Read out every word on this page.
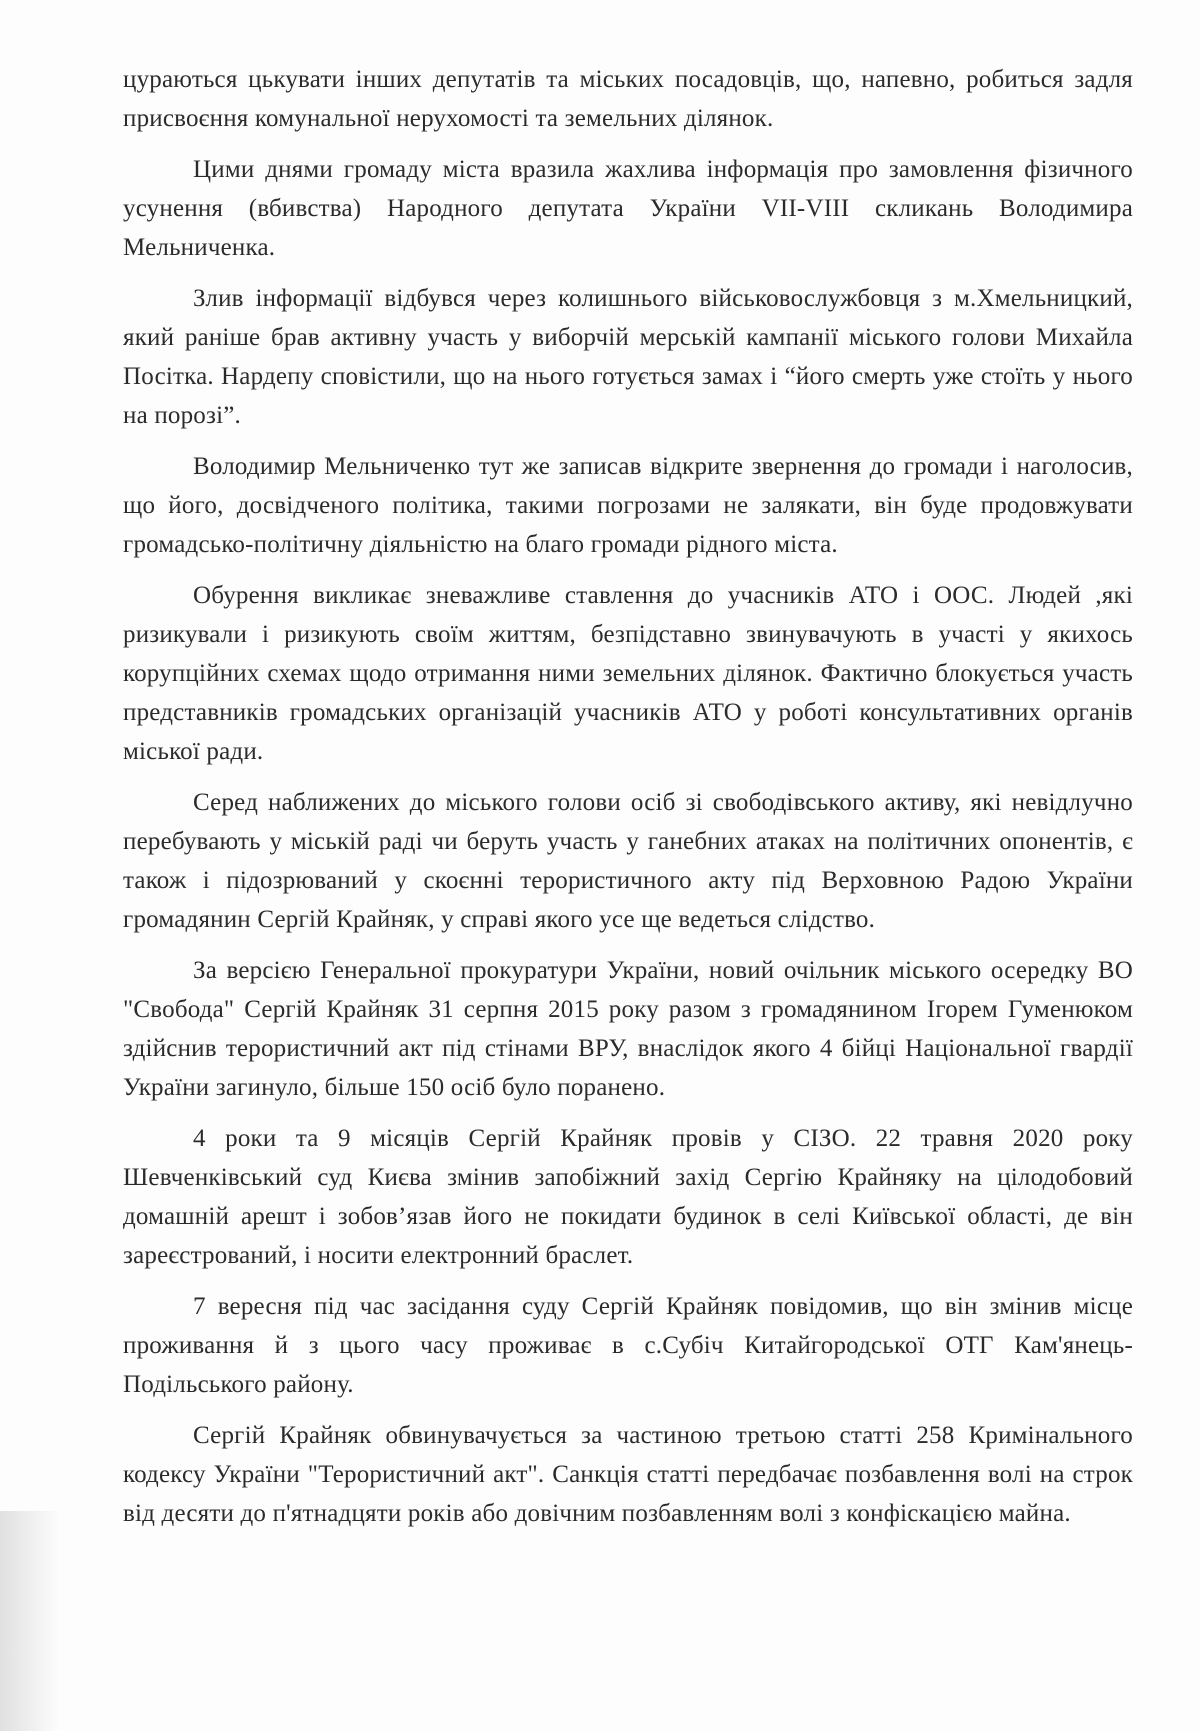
цураються цькувати інших депутатів та міських посадовців, що, напевно, робиться задля присвоєння комунальної нерухомості та земельних ділянок.

Цими днями громаду міста вразила жахлива інформація про замовлення фізичного усунення (вбивства) Народного депутата України VII-VIII скликань Володимира Мельниченка.

Злив інформації відбувся через колишнього військовослужбовця з м.Хмельницкий, який раніше брав активну участь у виборчій мерській кампанії міського голови Михайла Посітка. Нардепу сповістили, що на нього готується замах і “його смерть уже стоїть у нього на порозі”.

Володимир Мельниченко тут же записав відкрите звернення до громади і наголосив, що його, досвідченого політика, такими погрозами не залякати, він буде продовжувати громадсько-політичну діяльністю на благо громади рідного міста.

Обурення викликає зневажливе ставлення до учасників АТО і ООС. Людей ,які ризикували і ризикують своїм життям, безпідставно звинувачують в участі у якихось корупційних схемах щодо отримання ними земельних ділянок. Фактично блокується участь представників громадських організацій учасників АТО у роботі консультативних органів міської ради.

Серед наближених до міського голови осіб зі свободівського активу, які невідлучно перебувають у міській раді чи беруть участь у ганебних атаках на політичних опонентів, є також і підозрюваний у скоєнні терористичного акту під Верховною Радою України громадянин Сергій Крайняк, у справі якого усе ще ведеться слідство.

За версією Генеральної прокуратури України, новий очільник міського осередку ВО "Свобода" Сергій Крайняк 31 серпня 2015 року разом з громадянином Ігорем Гуменюком здійснив терористичний акт під стінами ВРУ, внаслідок якого 4 бійці Національної гвардії України загинуло, більше 150 осіб було поранено.

4 роки та 9 місяців Сергій Крайняк провів у СІЗО. 22 травня 2020 року Шевченківський суд Києва змінив запобіжний захід Сергію Крайняку на цілодобовий домашній арешт і зобов’язав його не покидати будинок в селі Київської області, де він зареєстрований, і носити електронний браслет.

7 вересня під час засідання суду Сергій Крайняк повідомив, що він змінив місце проживання й з цього часу проживає в с.Субіч Китайгородської ОТГ Кам'янець-Подільського району.

Сергій Крайняк обвинувачується за частиною третьою статті 258 Кримінального кодексу України "Терористичний акт". Санкція статті передбачає позбавлення волі на строк від десяти до п'ятнадцяти років або довічним позбавленням волі з конфіскацією майна.
